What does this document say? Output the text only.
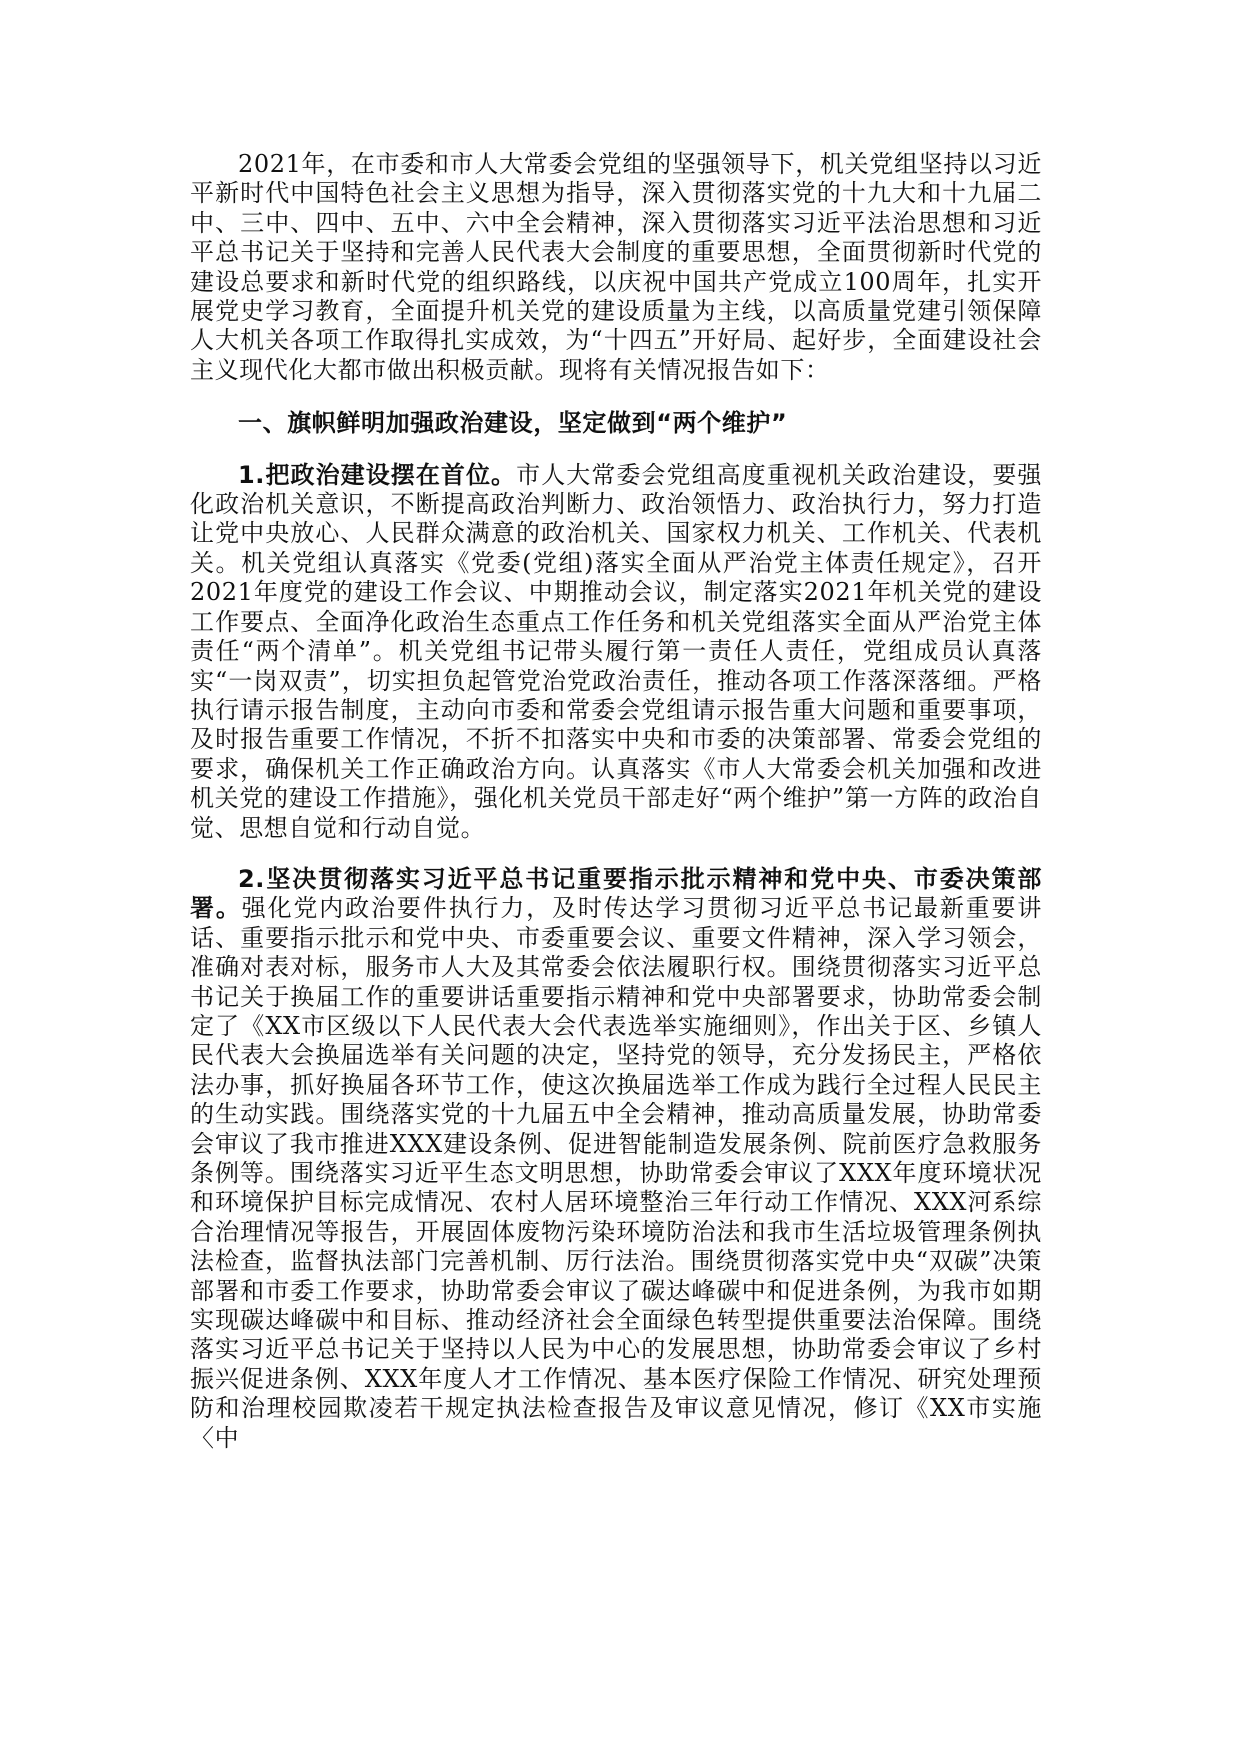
2021年，在市委和市人大常委会党组的坚强领导下，机关党组坚持以习近平新时代中国特色社会主义思想为指导，深入贯彻落实党的十九大和十九届二中、三中、四中、五中、六中全会精神，深入贯彻落实习近平法治思想和习近平总书记关于坚持和完善人民代表大会制度的重要思想，全面贯彻新时代党的建设总要求和新时代党的组织路线，以庆祝中国共产党成立100周年，扎实开展党史学习教育，全面提升机关党的建设质量为主线，以高质量党建引领保障人大机关各项工作取得扎实成效，为“十四五”开好局、起好步，全面建设社会主义现代化大都市做出积极贡献。现将有关情况报告如下：

一、旗帜鲜明加强政治建设，坚定做到“两个维护”

1.把政治建设摆在首位。市人大常委会党组高度重视机关政治建设，要强化政治机关意识，不断提高政治判断力、政治领悟力、政治执行力，努力打造让党中央放心、人民群众满意的政治机关、国家权力机关、工作机关、代表机关。机关党组认真落实《党委(党组)落实全面从严治党主体责任规定》，召开2021年度党的建设工作会议、中期推动会议，制定落实2021年机关党的建设工作要点、全面净化政治生态重点工作任务和机关党组落实全面从严治党主体责任“两个清单”。机关党组书记带头履行第一责任人责任，党组成员认真落实“一岗双责”，切实担负起管党治党政治责任，推动各项工作落深落细。严格执行请示报告制度，主动向市委和常委会党组请示报告重大问题和重要事项，及时报告重要工作情况，不折不扣落实中央和市委的决策部署、常委会党组的要求，确保机关工作正确政治方向。认真落实《市人大常委会机关加强和改进机关党的建设工作措施》，强化机关党员干部走好“两个维护”第一方阵的政治自觉、思想自觉和行动自觉。

2.坚决贯彻落实习近平总书记重要指示批示精神和党中央、市委决策部署。强化党内政治要件执行力，及时传达学习贯彻习近平总书记最新重要讲话、重要指示批示和党中央、市委重要会议、重要文件精神，深入学习领会，准确对表对标，服务市人大及其常委会依法履职行权。围绕贯彻落实习近平总书记关于换届工作的重要讲话重要指示精神和党中央部署要求，协助常委会制定了《XX市区级以下人民代表大会代表选举实施细则》，作出关于区、乡镇人民代表大会换届选举有关问题的决定，坚持党的领导，充分发扬民主，严格依法办事，抓好换届各环节工作，使这次换届选举工作成为践行全过程人民民主的生动实践。围绕落实党的十九届五中全会精神，推动高质量发展，协助常委会审议了我市推进XXX建设条例、促进智能制造发展条例、院前医疗急救服务条例等。围绕落实习近平生态文明思想，协助常委会审议了XXX年度环境状况和环境保护目标完成情况、农村人居环境整治三年行动工作情况、XXX河系综合治理情况等报告，开展固体废物污染环境防治法和我市生活垃圾管理条例执法检查，监督执法部门完善机制、厉行法治。围绕贯彻落实党中央“双碳”决策部署和市委工作要求，协助常委会审议了碳达峰碳中和促进条例，为我市如期实现碳达峰碳中和目标、推动经济社会全面绿色转型提供重要法治保障。围绕落实习近平总书记关于坚持以人民为中心的发展思想，协助常委会审议了乡村振兴促进条例、XXX年度人才工作情况、基本医疗保险工作情况、研究处理预防和治理校园欺凌若干规定执法检查报告及审议意见情况，修订《XX市实施〈中
